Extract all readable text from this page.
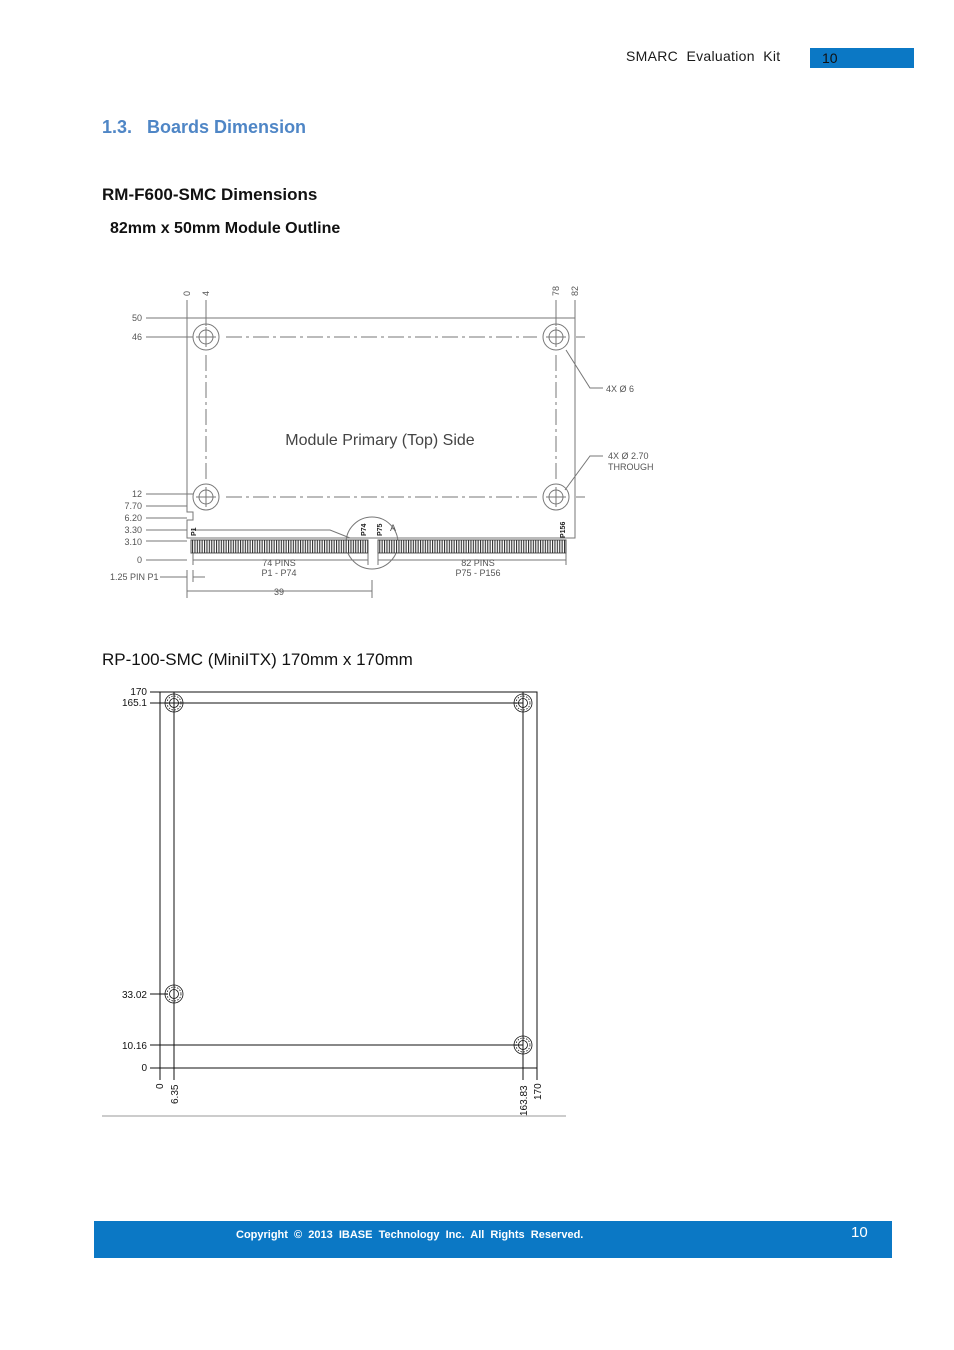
SMARC  Evaluation  Kit	10
1.3.   Boards Dimension
RM-F600-SMC Dimensions
82mm x 50mm Module Outline
0 4	78 82
50
46
12
7.70
6.20
3.30
3.10
0
4X Ø 6
4X Ø 2.70
THROUGH
74 PINS
P1 - P74
82 PINS
P75 - P156
1.25 PIN P1
39
A
P1	P74 P75	P156
Module Primary (Top) Side
RP-100-SMC (MiniITX) 170mm x 170mm
170
165.1
33.02
10.16
0
0 6.35	163.83 170
Copyright  ©  2013  IBASE  Technology  Inc.  All  Rights  Reserved.	10
